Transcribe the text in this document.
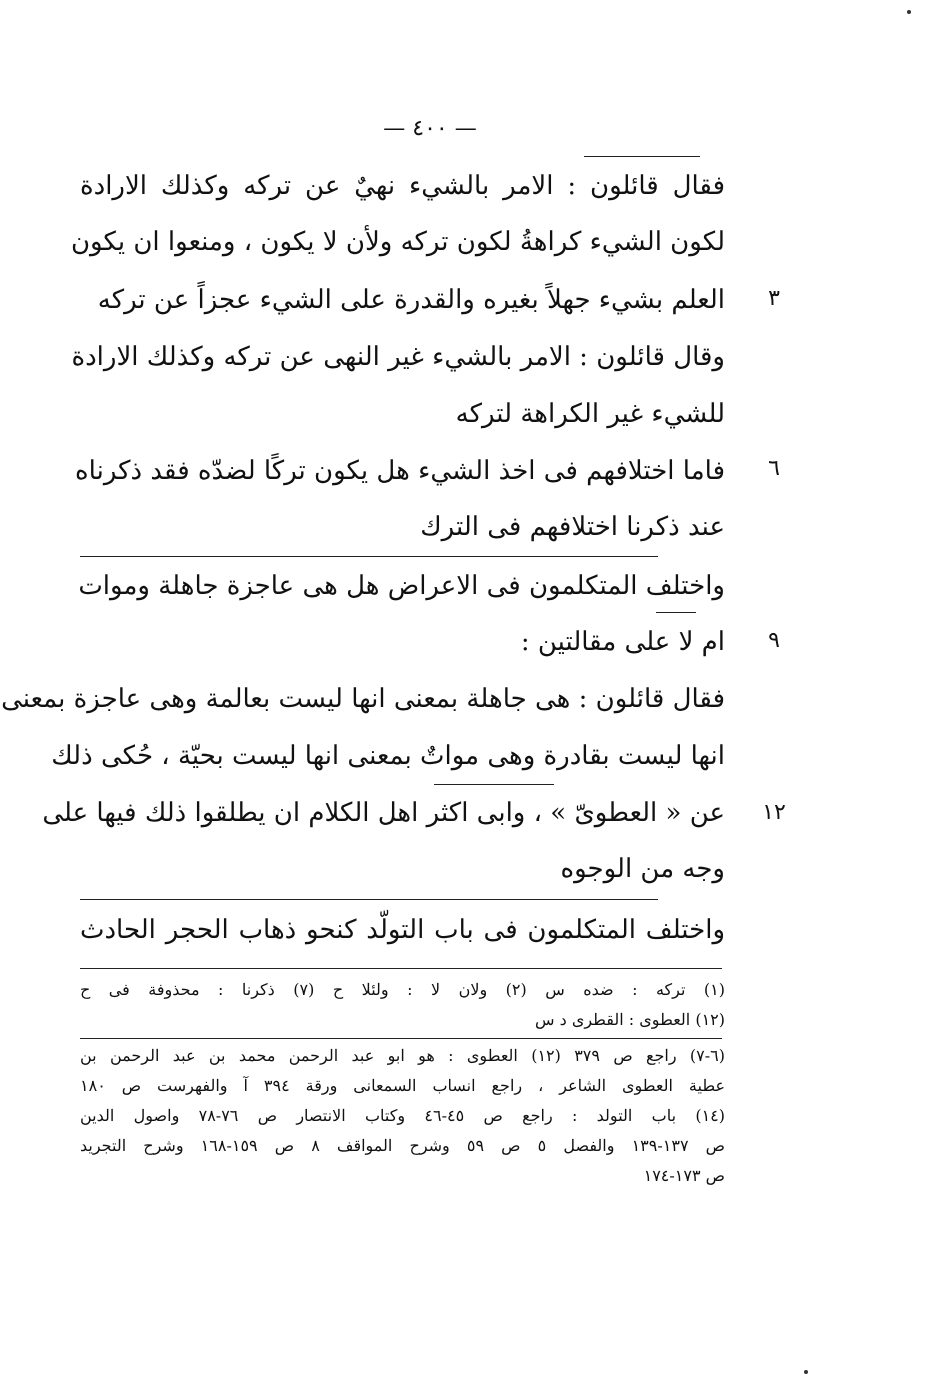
— ٤٠٠ —
فقال قائلون : الامر بالشيء نهيٌ عن تركه وكذلك الارادة
لكون الشيء كراهةُ لكون تركه ولأن لا يكون ، ومنعوا ان يكون
العلم بشيء جهلاً بغيره والقدرة على الشيء عجزاً عن تركه	٣
وقال قائلون : الامر بالشيء غير النهى عن تركه وكذلك الارادة
للشيء غير الكراهة لتركه
فاما اختلافهم فى اخذ الشيء هل يكون تركًا لضدّه فقد ذكرناه	٦
عند ذكرنا اختلافهم فى الترك
واختلف المتكلمون فى الاعراض هل هى عاجزة جاهلة وموات
ام لا على مقالتين :	٩
فقال قائلون : هى جاهلة بمعنى انها ليست بعالمة وهى عاجزة بمعنى
انها ليست بقادرة وهى مواتٌ بمعنى انها ليست بحيّة ، حُكى ذلك
عن « العطوىّ » ، وابى اكثر اهل الكلام ان يطلقوا ذلك فيها على	١٢
وجه من الوجوه
واختلف المتكلمون فى باب التولّد كنحو ذهاب الحجر الحادث
(١) تركه : ضده س (٢) ولان لا : ولئلا ح (٧) ذكرنا : محذوفة فى ح
(١٢) العطوى : القطرى د س
(٦-٧) راجع ص ٣٧٩ (١٢) العطوى : هو ابو عبد الرحمن محمد بن عبد الرحمن بن
عطية العطوى الشاعر ، راجع انساب السمعانى ورقة ٣٩٤ آ والفهرست ص ١٨٠
(١٤) باب التولد : راجع ص ٤٥-٤٦ وكتاب الانتصار ص ٧٦-٧٨ واصول الدين
ص ١٣٧-١٣٩ والفصل ٥ ص ٥٩ وشرح المواقف ٨ ص ١٥٩-١٦٨ وشرح التجريد
ص ١٧٣-١٧٤
